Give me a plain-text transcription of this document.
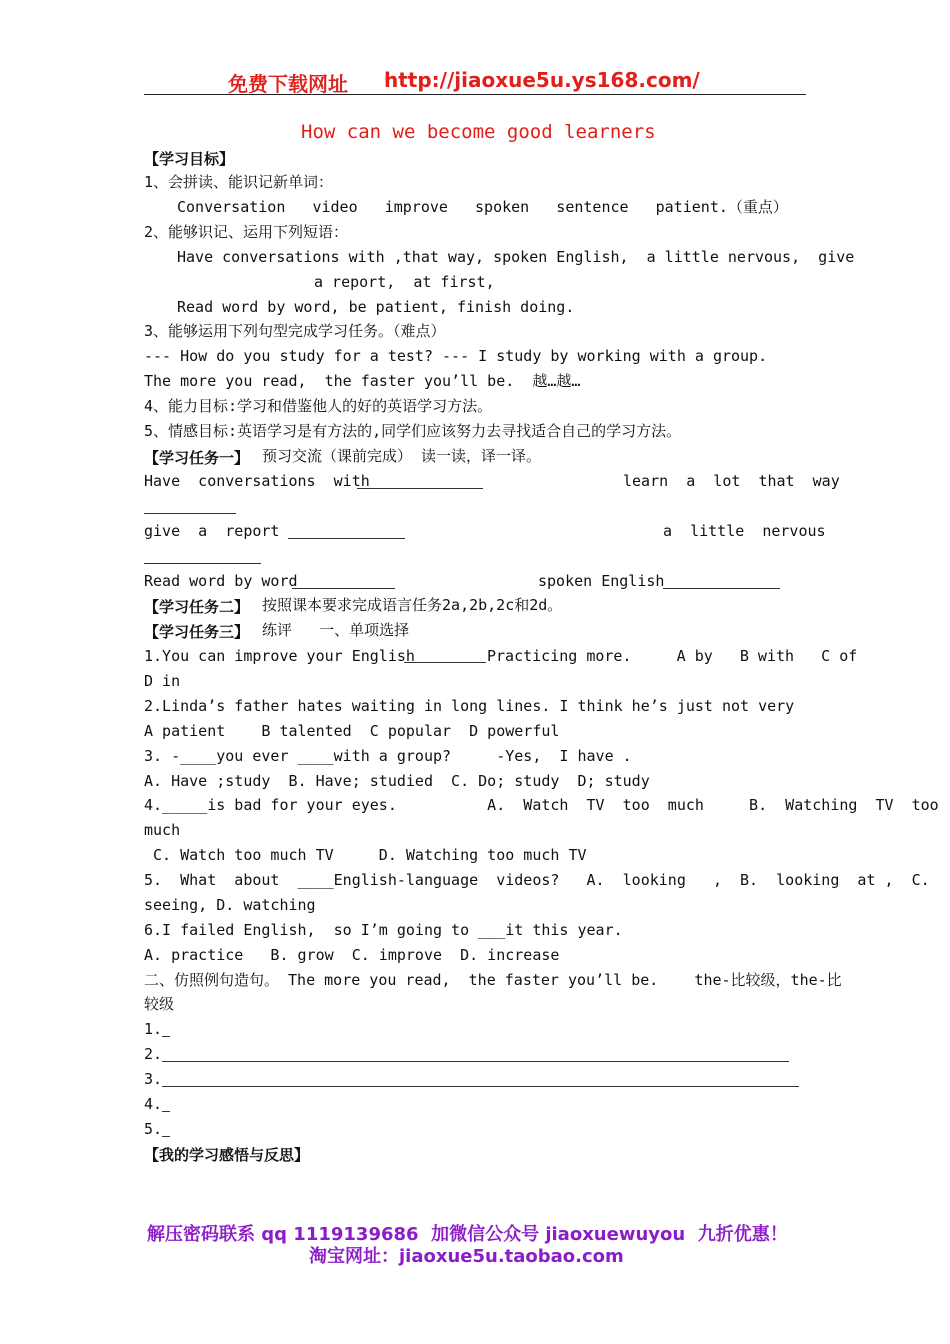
免费下载网址 http://jiaoxue5u.ys168.com/
How can we become good learners
【学习目标】
1、会拼读、能识记新单词：
Conversation   video   improve   spoken   sentence   patient.（重点）
2、能够识记、运用下列短语：
Have conversations with ,that way, spoken English,  a little nervous,  give
a report,  at first,
Read word by word, be patient, finish doing.
3、能够运用下列句型完成学习任务。（难点）
--- How do you study for a test? --- I study by working with a group.
The more you read,  the faster you’ll be.  越…越…
4、能力目标:学习和借鉴他人的好的英语学习方法。
5、情感目标:英语学习是有方法的,同学们应该努力去寻找适合自己的学习方法。
【学习任务一】 预习交流（课前完成） 读一读，译一译。
Have  conversations  with	learn  a  lot  that  way
give  a  report	a  little  nervous
Read word by word	spoken English
【学习任务二】 按照课本要求完成语言任务2a,2b,2c和2d。
【学习任务三】 练评   一、单项选择
1.You can improve your English	Practicing more.     A by   B with   C of
D in
2.Linda’s father hates waiting in long lines. I think he’s just not very
A patient    B talented  C popular  D powerful
3. -____you ever ____with a group?     -Yes,  I have .
A. Have ;study  B. Have; studied  C. Do; study  D; study
4._____is bad for your eyes.          A.  Watch  TV  too  much     B.  Watching  TV  too
much
C. Watch too much TV     D. Watching too much TV
5.  What  about  ____English-language  videos?   A.  looking   ,  B.  looking  at ,  C.
seeing, D. watching
6.I failed English,  so I’m going to ___it this year.
A. practice   B. grow  C. improve  D. increase
二、仿照例句造句。 The more you read,  the faster you’ll be.    the-比较级，the-比
较级
1.
2.
3.
4.
5.
【我的学习感悟与反思】
解压密码联系 qq 1119139686  加微信公众号 jiaoxuewuyou  九折优惠！
淘宝网址：jiaoxue5u.taobao.com
